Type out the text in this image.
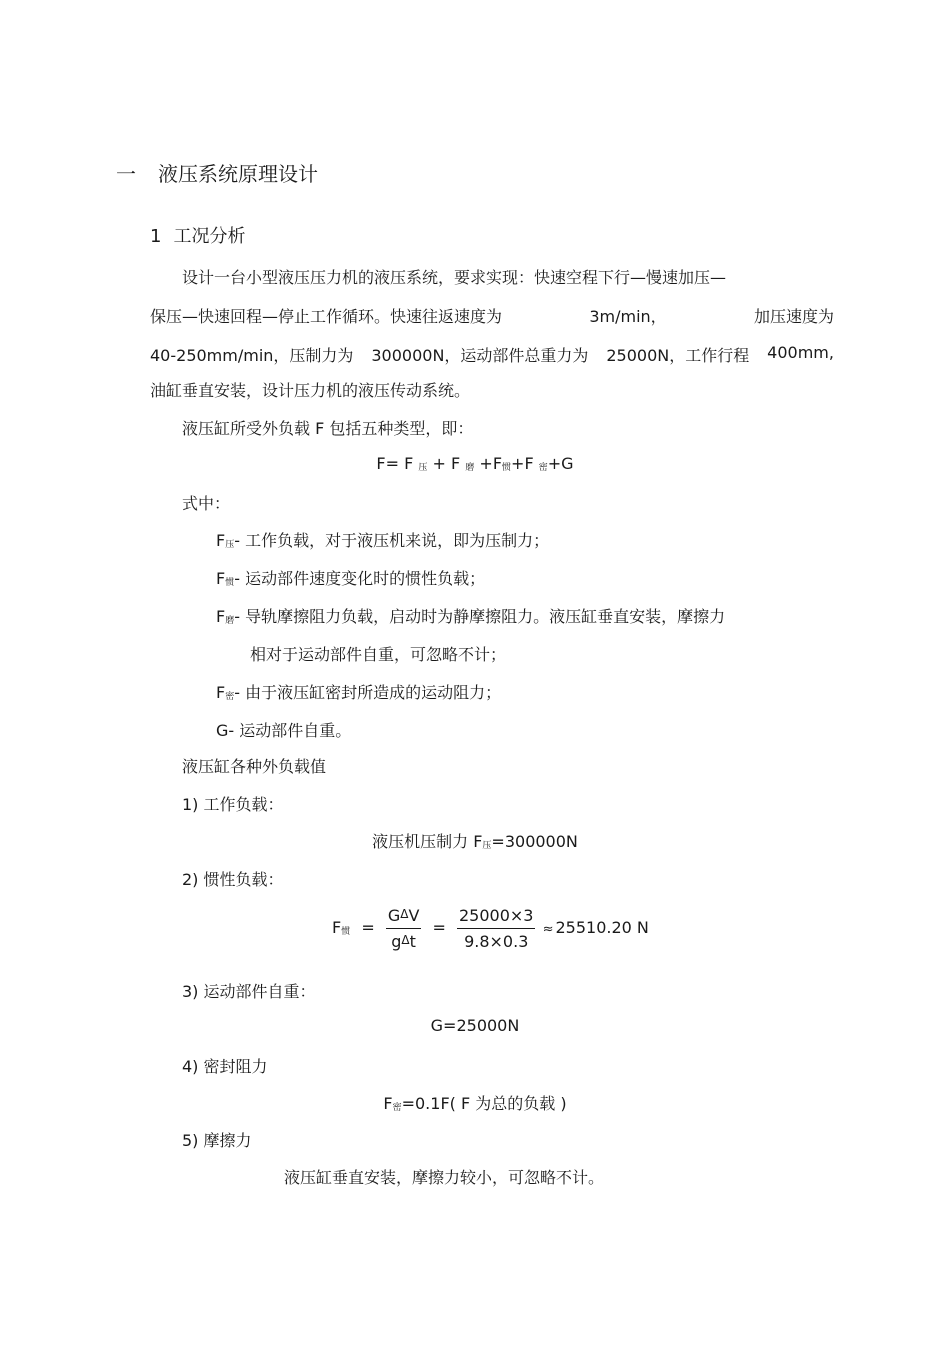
一 液压系统原理设计
1 工况分析
设计一台小型液压压力机的液压系统，要求实现：快速空程下行—慢速加压—
保压—快速回程—停止工作循环。快速往返速度为	3m/min，	加压速度为
40-250mm/min，压制力为 300000N，运动部件总重力为 25000N，工作行程 400mm,
油缸垂直安装，设计压力机的液压传动系统。
液压缸所受外负载 F 包括五种类型，即：
F= F 压 + F 磨 +F惯+F 密+G
式中：
F压- 工作负载，对于液压机来说，即为压制力；
F惯- 运动部件速度变化时的惯性负载；
F磨- 导轨摩擦阻力负载，启动时为静摩擦阻力。液压缸垂直安装，摩擦力
相对于运动部件自重，可忽略不计；
F密- 由于液压缸密封所造成的运动阻力；
G- 运动部件自重。
液压缸各种外负载值
1) 工作负载：
液压机压制力 F压=300000N
2) 惯性负载：
F惯 = $\frac{\text{GΔV}}{\text{gΔt}} = \frac{25000\times 3}{9.8\times 0.3} \approx 25510.20$ N
3) 运动部件自重：
G=25000N
4) 密封阻力
F密=0.1F( F 为总的负载 )
5) 摩擦力
液压缸垂直安装，摩擦力较小，可忽略不计。
